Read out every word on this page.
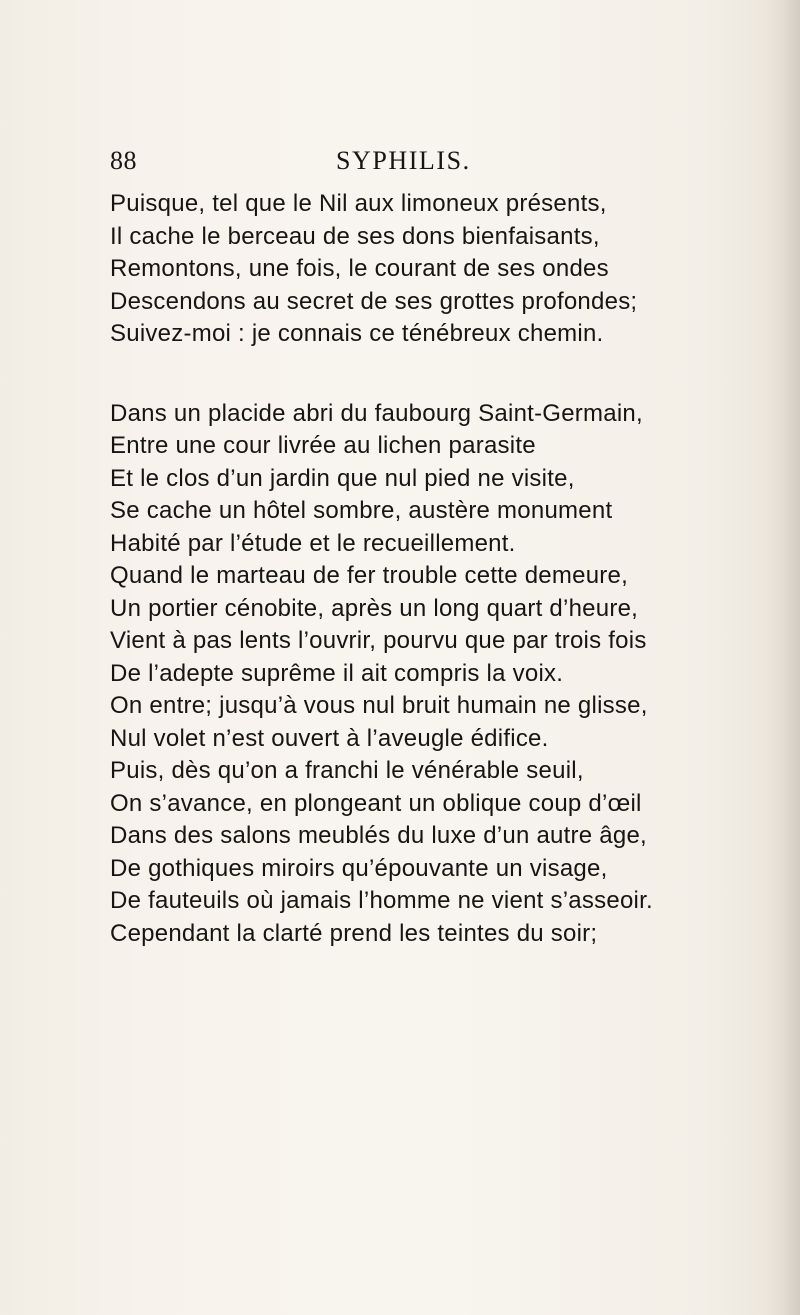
88	SYPHILIS.
Puisque, tel que le Nil aux limoneux présents,
Il cache le berceau de ses dons bienfaisants,
Remontons, une fois, le courant de ses ondes
Descendons au secret de ses grottes profondes;
Suivez-moi : je connais ce ténébreux chemin.
Dans un placide abri du faubourg Saint-Germain,
Entre une cour livrée au lichen parasite
Et le clos d’un jardin que nul pied ne visite,
Se cache un hôtel sombre, austère monument
Habité par l’étude et le recueillement.
Quand le marteau de fer trouble cette demeure,
Un portier cénobite, après un long quart d’heure,
Vient à pas lents l’ouvrir, pourvu que par trois fois
De l’adepte suprême il ait compris la voix.
On entre; jusqu’à vous nul bruit humain ne glisse,
Nul volet n’est ouvert à l’aveugle édifice.
Puis, dès qu’on a franchi le vénérable seuil,
On s’avance, en plongeant un oblique coup d’œil
Dans des salons meublés du luxe d’un autre âge,
De gothiques miroirs qu’épouvante un visage,
De fauteuils où jamais l’homme ne vient s’asseoir.
Cependant la clarté prend les teintes du soir;
